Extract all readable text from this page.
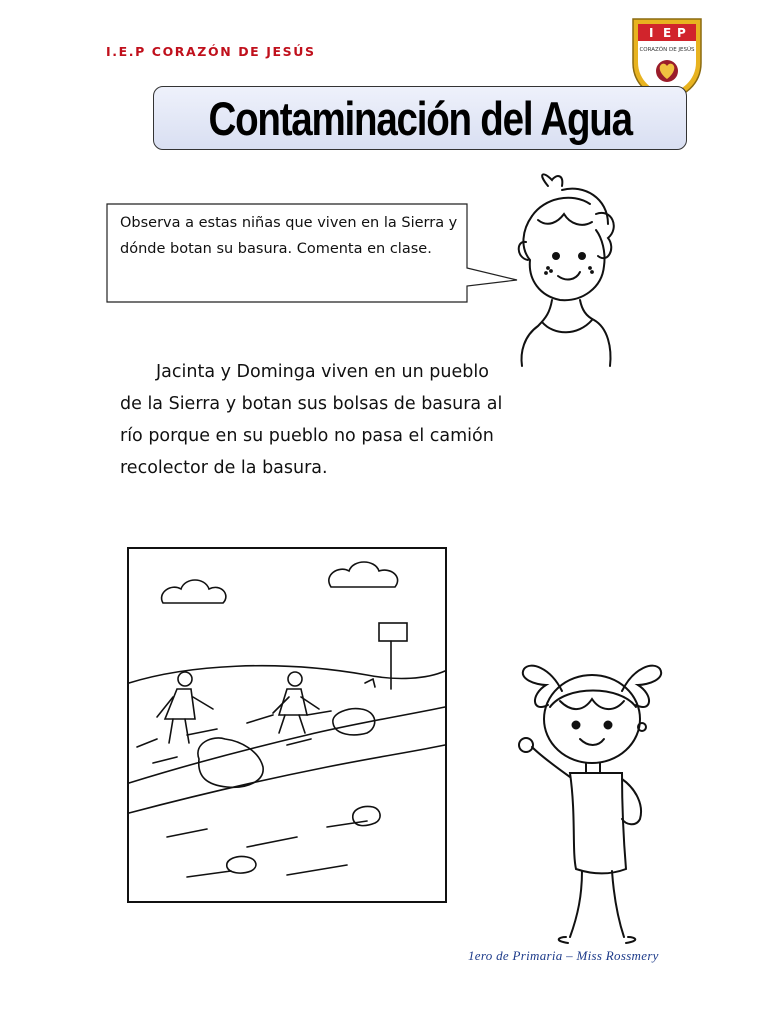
I.E.P CORAZÓN DE JESÚS
I E P
CORAZÓN DE JESÚS
Contaminación del Agua
Observa a estas niñas que viven en la Sierra y dónde botan su basura. Comenta en clase.
Jacinta y Dominga viven en un pueblo de la Sierra y botan sus bolsas de basura al río porque en su pueblo no pasa el camión recolector de la basura.
1ero de Primaria – Miss Rossmery
